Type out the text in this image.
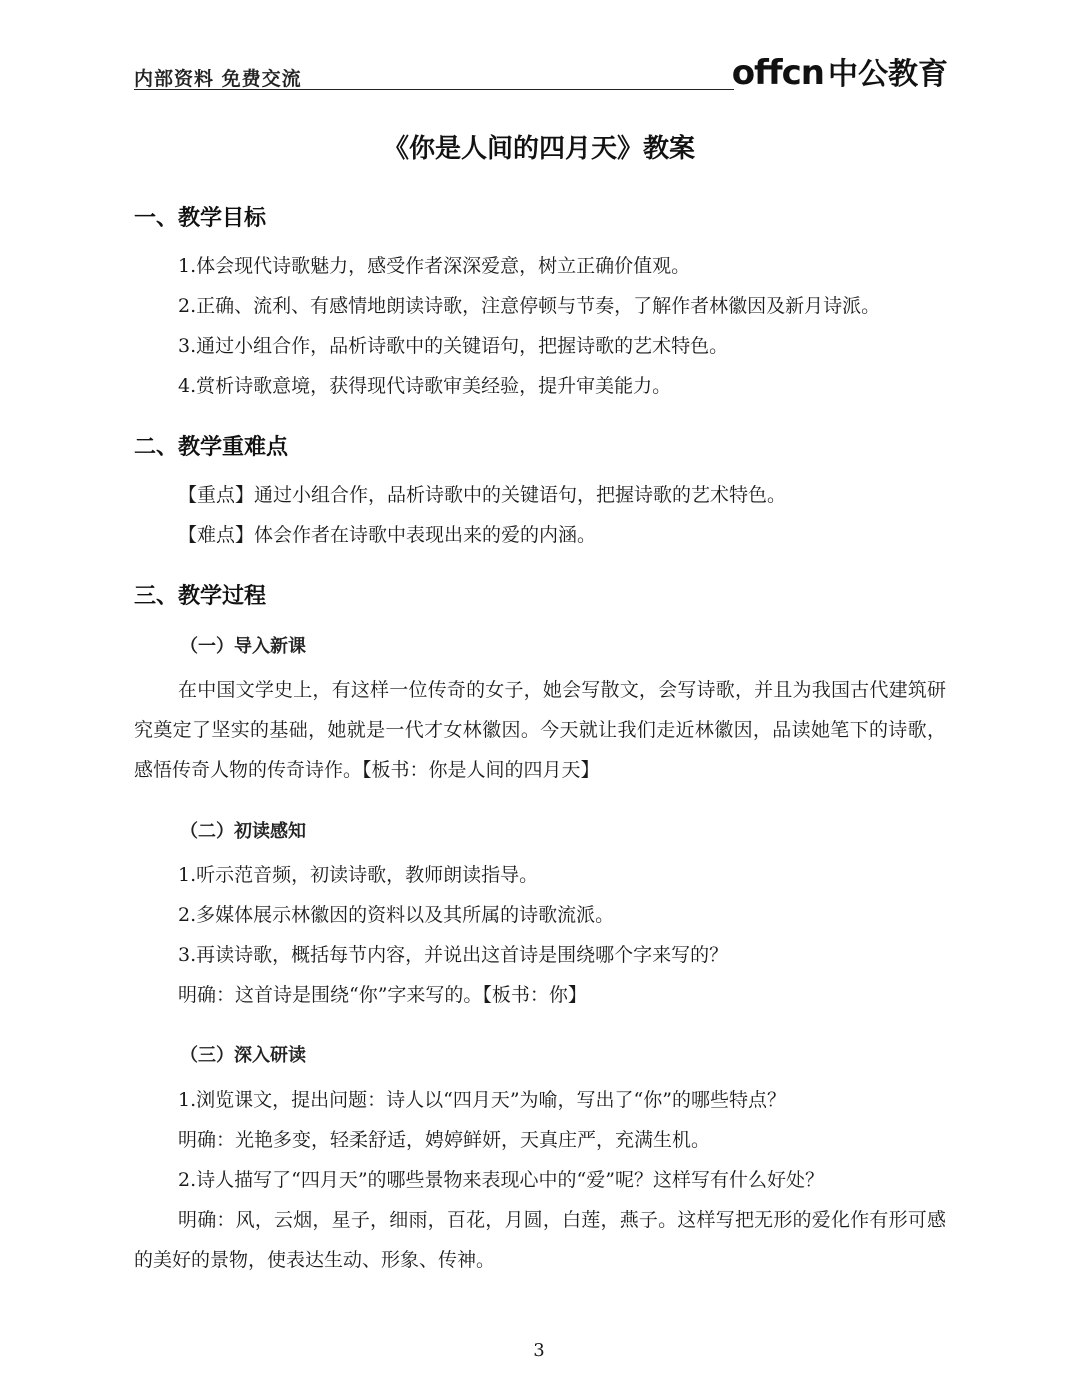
内部资料 免费交流	offcn 中公教育
《你是人间的四月天》教案
一、教学目标
1.体会现代诗歌魅力，感受作者深深爱意，树立正确价值观。
2.正确、流利、有感情地朗读诗歌，注意停顿与节奏，了解作者林徽因及新月诗派。
3.通过小组合作，品析诗歌中的关键语句，把握诗歌的艺术特色。
4.赏析诗歌意境，获得现代诗歌审美经验，提升审美能力。
二、教学重难点
【重点】通过小组合作，品析诗歌中的关键语句，把握诗歌的艺术特色。
【难点】体会作者在诗歌中表现出来的爱的内涵。
三、教学过程
（一）导入新课
在中国文学史上，有这样一位传奇的女子，她会写散文，会写诗歌，并且为我国古代建筑研究奠定了坚实的基础，她就是一代才女林徽因。今天就让我们走近林徽因，品读她笔下的诗歌，感悟传奇人物的传奇诗作。【板书：你是人间的四月天】
（二）初读感知
1.听示范音频，初读诗歌，教师朗读指导。
2.多媒体展示林徽因的资料以及其所属的诗歌流派。
3.再读诗歌，概括每节内容，并说出这首诗是围绕哪个字来写的？
明确：这首诗是围绕“你”字来写的。【板书：你】
（三）深入研读
1.浏览课文，提出问题：诗人以“四月天”为喻，写出了“你”的哪些特点？
明确：光艳多变，轻柔舒适，娉婷鲜妍，天真庄严，充满生机。
2.诗人描写了“四月天”的哪些景物来表现心中的“爱”呢？这样写有什么好处？
明确：风，云烟，星子，细雨，百花，月圆，白莲，燕子。这样写把无形的爱化作有形可感的美好的景物，使表达生动、形象、传神。
3
